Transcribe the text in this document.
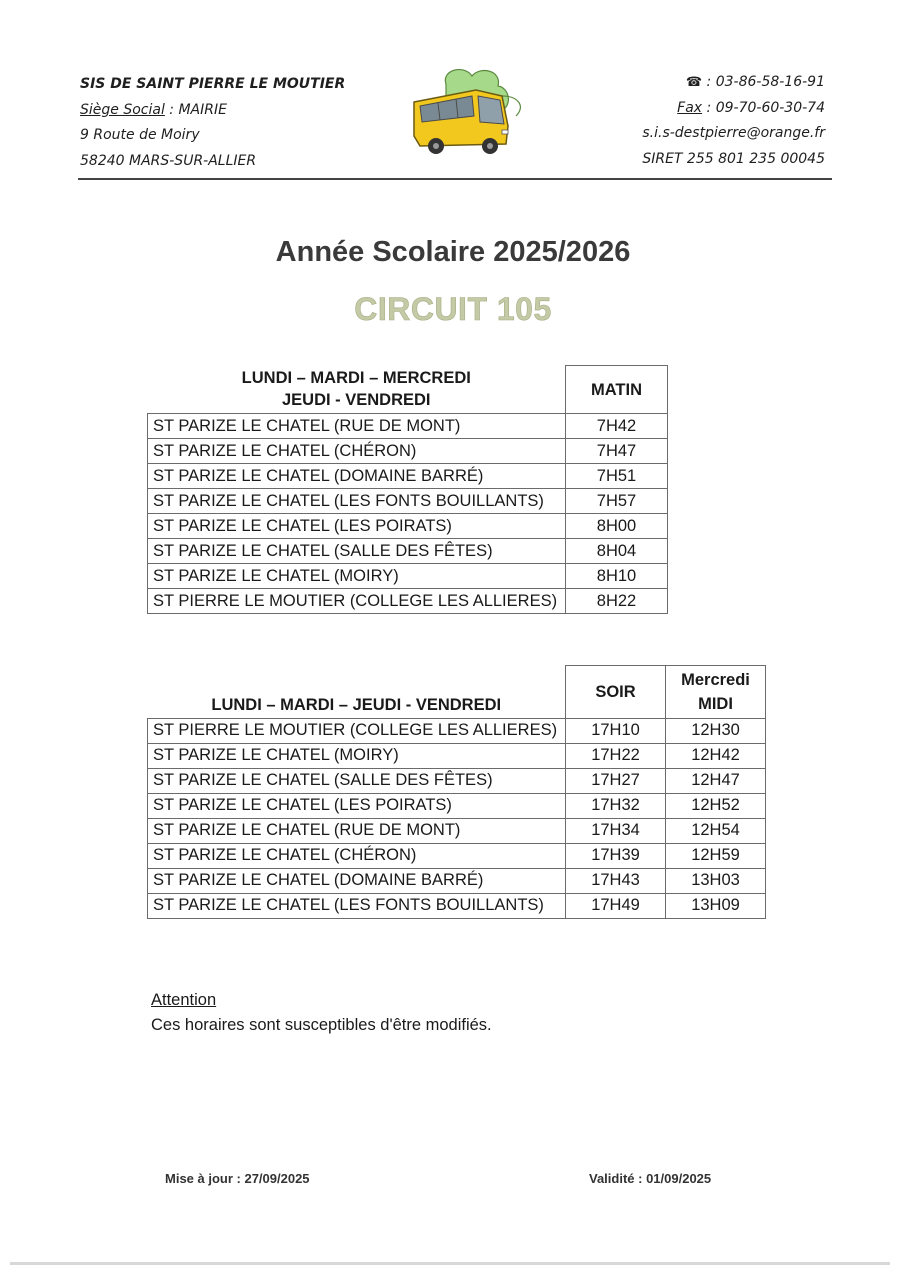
SIS DE SAINT PIERRE LE MOUTIER
Siège Social : MAIRIE
9 Route de Moiry
58240 MARS-SUR-ALLIER
☎ : 03-86-58-16-91
Fax : 09-70-60-30-74
s.i.s-destpierre@orange.fr
SIRET 255 801 235 00045
Année Scolaire 2025/2026
CIRCUIT 105
LUNDI – MARDI – MERCREDI
JEUDI - VENDREDI	MATIN
ST PARIZE LE CHATEL (RUE DE MONT)	7H42
ST PARIZE LE CHATEL (CHÉRON)	7H47
ST PARIZE LE CHATEL (DOMAINE BARRÉ)	7H51
ST PARIZE LE CHATEL (LES FONTS BOUILLANTS)	7H57
ST PARIZE LE CHATEL (LES POIRATS)	8H00
ST PARIZE LE CHATEL (SALLE DES FÊTES)	8H04
ST PARIZE LE CHATEL (MOIRY)	8H10
ST PIERRE LE MOUTIER (COLLEGE LES ALLIERES)	8H22
LUNDI – MARDI – JEUDI - VENDREDI	SOIR	Mercredi
MIDI

ST PIERRE LE MOUTIER (COLLEGE LES ALLIERES)	17H10	12H30
ST PARIZE LE CHATEL (MOIRY)	17H22	12H42
ST PARIZE LE CHATEL (SALLE DES FÊTES)	17H27	12H47
ST PARIZE LE CHATEL (LES POIRATS)	17H32	12H52
ST PARIZE LE CHATEL (RUE DE MONT)	17H34	12H54
ST PARIZE LE CHATEL (CHÉRON)	17H39	12H59
ST PARIZE LE CHATEL (DOMAINE BARRÉ)	17H43	13H03
ST PARIZE LE CHATEL (LES FONTS BOUILLANTS)	17H49	13H09
Attention
Ces horaires sont susceptibles d'être modifiés.
Mise à jour : 27/09/2025	Validité : 01/09/2025
